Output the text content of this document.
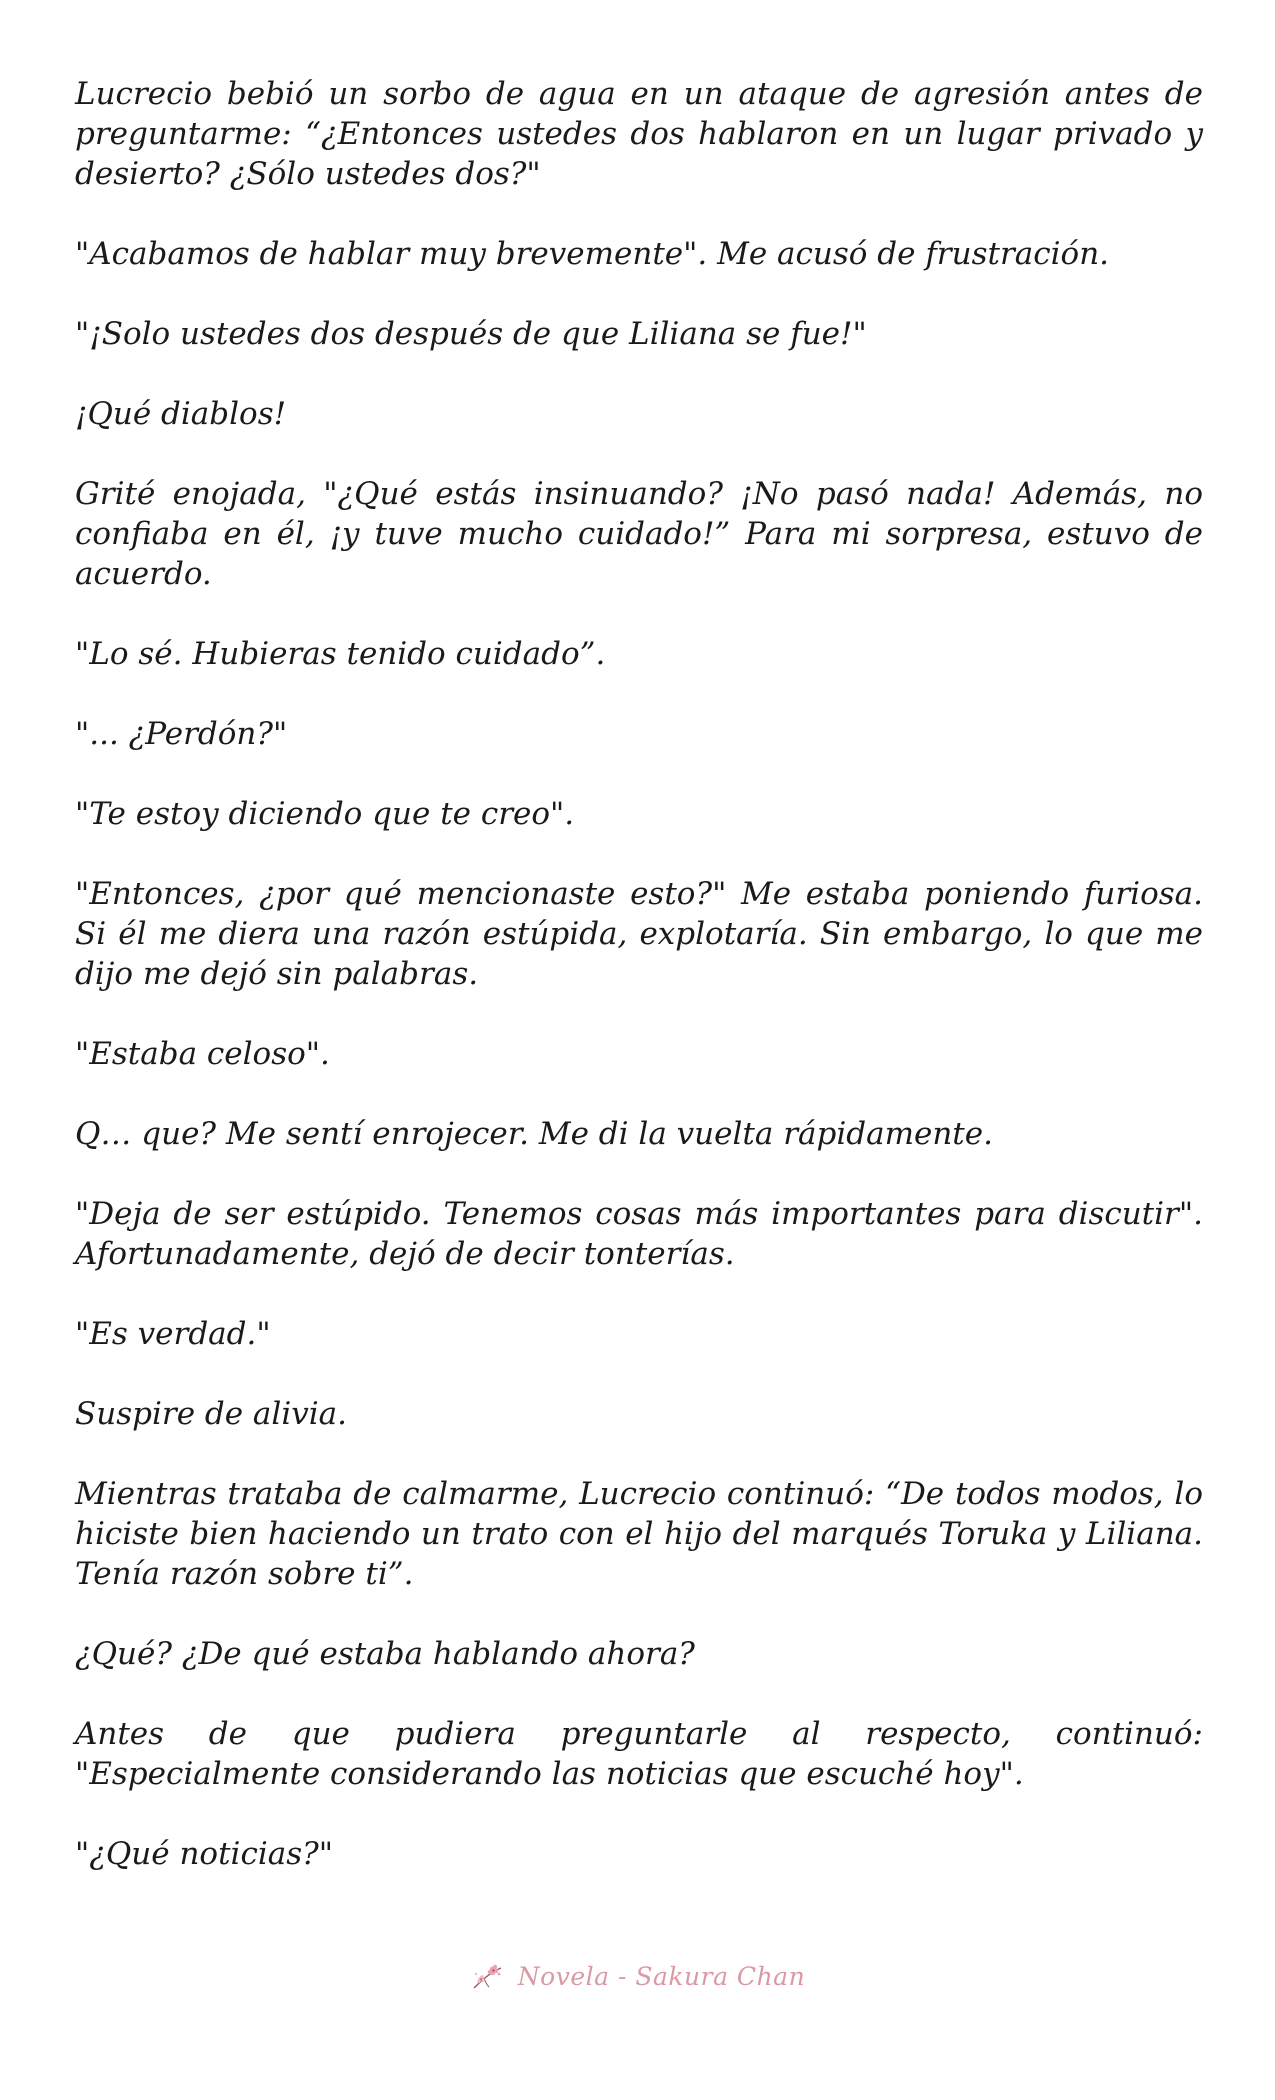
Lucrecio bebió un sorbo de agua en un ataque de agresión antes de preguntarme: “¿Entonces ustedes dos hablaron en un lugar privado y desierto? ¿Sólo ustedes dos?"

"Acabamos de hablar muy brevemente". Me acusó de frustración.

"¡Solo ustedes dos después de que Liliana se fue!"

¡Qué diablos!

Grité enojada, "¿Qué estás insinuando? ¡No pasó nada! Además, no confiaba en él, ¡y tuve mucho cuidado!” Para mi sorpresa, estuvo de acuerdo.

"Lo sé. Hubieras tenido cuidado”.

"... ¿Perdón?"

"Te estoy diciendo que te creo".

"Entonces, ¿por qué mencionaste esto?" Me estaba poniendo furiosa. Si él me diera una razón estúpida, explotaría. Sin embargo, lo que me dijo me dejó sin palabras.

"Estaba celoso".

Q… que? Me sentí enrojecer. Me di la vuelta rápidamente.

"Deja de ser estúpido. Tenemos cosas más importantes para discutir". Afortunadamente, dejó de decir tonterías.

"Es verdad."

Suspire de alivia.

Mientras trataba de calmarme, Lucrecio continuó: “De todos modos, lo hiciste bien haciendo un trato con el hijo del marqués Toruka y Liliana. Tenía razón sobre ti”.

¿Qué? ¿De qué estaba hablando ahora?

Antes de que pudiera preguntarle al respecto, continuó: "Especialmente considerando las noticias que escuché hoy".

"¿Qué noticias?"

Novela - Sakura Chan
